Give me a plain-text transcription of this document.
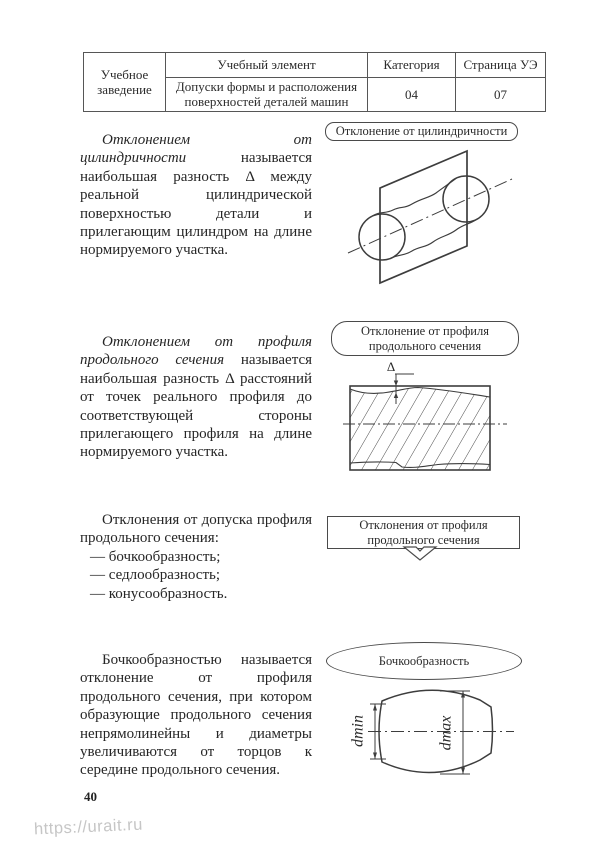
Учебное заведение	Учебный элемент	Категория	Страница УЭ
	Допуски формы и расположения поверхностей деталей машин	04	07

Отклонением от цилиндричности называется наибольшая разность Δ между реальной цилиндрической поверхностью детали и прилегающим цилиндром на длине нормируемого участка.

Отклонение от цилиндричности

Отклонением от профиля продольного сечения называется наибольшая разность Δ расстояний от точек реального профиля до соответствующей стороны прилегающего профиля на длине нормируемого участка.

Отклонение от профиля
продольного сечения
Δ
Отклонения от допуска профиля продольного сечения:
— бочкообразность;
— седлообразность;
— конусообразность.
Отклонения от профиля
продольного сечения

Бочкообразностью называется отклонение от профиля продольного сечения, при котором образующие продольного сечения непрямолинейны и диаметры увеличиваются от торцов к середине продольного сечения.

Бочкообразность
dmin	dmax
40
https://urait.ru
